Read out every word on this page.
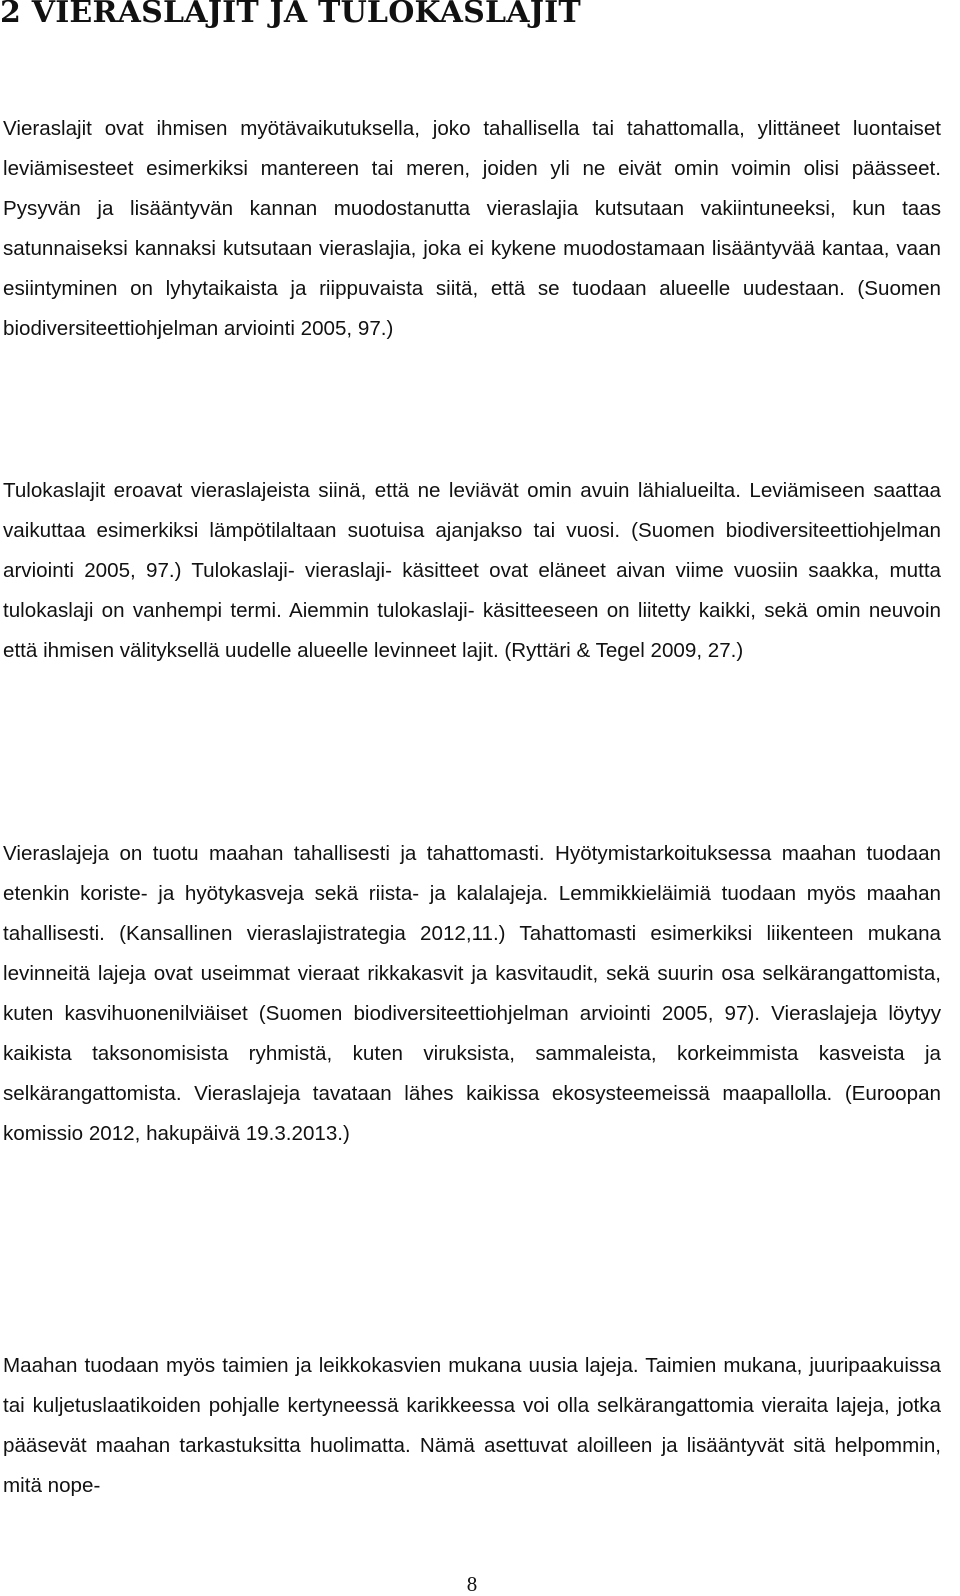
2 VIERASLAJIT JA TULOKASLAJIT

Vieraslajit ovat ihmisen myötävaikutuksella, joko tahallisella tai tahattomalla, ylittäneet luontaiset leviämisesteet esimerkiksi mantereen tai meren, joiden yli ne eivät omin voimin olisi päässeet. Pysyvän ja lisääntyvän kannan muodostanutta vieraslajia kutsutaan vakiintuneeksi, kun taas satunnaiseksi kannaksi kutsutaan vieraslajia, joka ei kykene muodostamaan lisääntyvää kantaa, vaan esiintyminen on lyhytaikaista ja riippuvaista siitä, että se tuodaan alueelle uudestaan. (Suomen biodiversiteettiohjelman arviointi 2005, 97.)

Tulokaslajit eroavat vieraslajeista siinä, että ne leviävät omin avuin lähialueilta. Leviämiseen saattaa vaikuttaa esimerkiksi lämpötilaltaan suotuisa ajanjakso tai vuosi. (Suomen biodiversiteettiohjelman arviointi 2005, 97.) Tulokaslaji- vieraslaji- käsitteet ovat eläneet aivan viime vuosiin saakka, mutta tulokaslaji on vanhempi termi. Aiemmin tulokaslaji- käsitteeseen on liitetty kaikki, sekä omin neuvoin että ihmisen välityksellä uudelle alueelle levinneet lajit. (Ryttäri & Tegel 2009, 27.)

Vieraslajeja on tuotu maahan tahallisesti ja tahattomasti. Hyötymistarkoituksessa maahan tuodaan etenkin koriste- ja hyötykasveja sekä riista- ja kalalajeja. Lemmikkieläimiä tuodaan myös maahan tahallisesti. (Kansallinen vieraslajistrategia 2012,11.) Tahattomasti esimerkiksi liikenteen mukana levinneitä lajeja ovat useimmat vieraat rikkakasvit ja kasvitaudit, sekä suurin osa selkärangattomista, kuten kasvihuonenilviäiset (Suomen biodiversiteettiohjelman arviointi 2005, 97). Vieraslajeja löytyy kaikista taksonomisista ryhmistä, kuten viruksista, sammaleista, korkeimmista kasveista ja selkärangattomista. Vieraslajeja tavataan lähes kaikissa ekosysteemeissä maapallolla. (Euroopan komissio 2012, hakupäivä 19.3.2013.)

Maahan tuodaan myös taimien ja leikkokasvien mukana uusia lajeja. Taimien mukana, juuripaakuissa tai kuljetuslaatikoiden pohjalle kertyneessä karikkeessa voi olla selkärangattomia vieraita lajeja, jotka pääsevät maahan tarkastuksitta huolimatta. Nämä asettuvat aloilleen ja lisääntyvät sitä helpommin, mitä nope-

8
